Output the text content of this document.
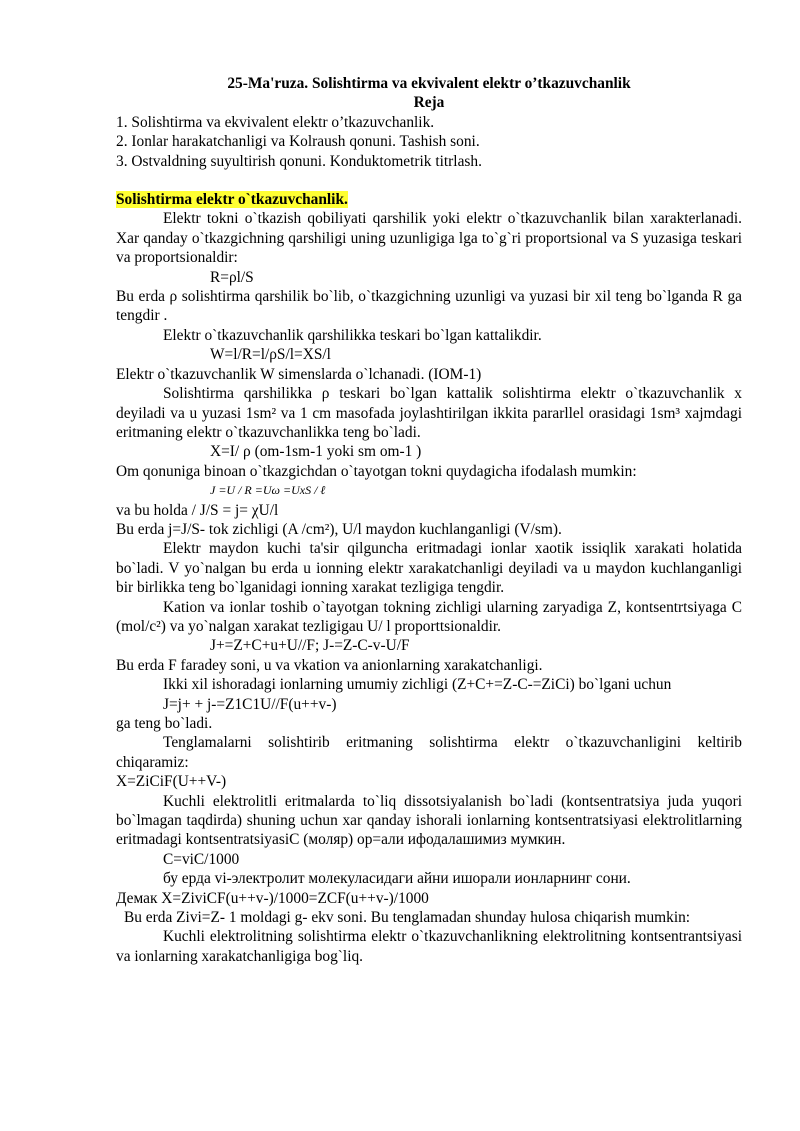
25-Ma'ruza. Solishtirma va ekvivalent elektr o’tkazuvchanlik

Reja

1. Solishtirma va ekvivalent elektr o’tkazuvchanlik.

2. Ionlar harakatchanligi va Kolraush qonuni. Tashish soni.

3. Ostvaldning suyultirish qonuni. Konduktometrik titrlash.

Solishtirma elektr o`tkazuvchanlik.

Elektr tokni o`tkazish qobiliyati qarshilik yoki elektr o`tkazuvchanlik bilan xarakterlanadi. Xar qanday o`tkazgichning qarshiligi uning uzunligiga lga to`g`ri proportsional va S yuzasiga teskari va proportsionaldir:

R=ρl/S

Bu erda ρ solishtirma qarshilik bo`lib, o`tkazgichning uzunligi va yuzasi bir xil teng bo`lganda R ga tengdir .

Elektr o`tkazuvchanlik qarshilikka teskari bo`lgan kattalikdir.

W=l/R=l/ρS/l=XS/l

Elektr o`tkazuvchanlik W simenslarda o`lchanadi. (IOM-1)

Solishtirma qarshilikka ρ teskari bo`lgan kattalik solishtirma elektr o`tkazuvchanlik x deyiladi va u yuzasi 1sm² va 1 cm masofada joylashtirilgan ikkita pararllel orasidagi 1sm³ xajmdagi eritmaning elektr o`tkazuvchanlikka teng bo`ladi.

X=I/ ρ (om-1sm-1 yoki sm om-1 )

Om qonuniga binoan o`tkazgichdan o`tayotgan tokni quydagicha ifodalash mumkin:

J =U / R =Uω =UxS / ℓ

va bu holda / J/S = j= χU/l

Bu erda j=J/S- tok zichligi (A /cm²), U/l maydon kuchlanganligi (V/sm).

Elektr maydon kuchi ta'sir qilguncha eritmadagi ionlar xaotik issiqlik xarakati holatida bo`ladi. V yo`nalgan bu erda u ionning elektr xarakatchanligi deyiladi va u maydon kuchlanganligi bir birlikka teng bo`lganidagi ionning xarakat tezligiga tengdir.

Kation va ionlar toshib o`tayotgan tokning zichligi ularning zaryadiga Z, kontsentrtsiyaga C (mol/c²) va yo`nalgan xarakat tezligigau U/ l proporttsionaldir.

J+=Z+C+u+U//F; J-=Z-C-v-U/F

Bu erda F faradey soni, u va vkation va anionlarning xarakatchanligi.

Ikki xil ishoradagi ionlarning umumiy zichligi (Z+C+=Z-C-=ZiCi) bo`lgani uchun

J=j+ + j-=Z1C1U//F(u++v-)

ga teng bo`ladi.

Tenglamalarni solishtirib eritmaning solishtirma elektr o`tkazuvchanligini keltirib chiqaramiz:

X=ZiCiF(U++V-)

Kuchli elektrolitli eritmalarda to`liq dissotsiyalanish bo`ladi (kontsentratsiya juda yuqori bo`lmagan taqdirda) shuning uchun xar qanday ishorali ionlarning kontsentratsiyasi elektrolitlarning eritmadagi kontsentratsiyasiC (моляр) ор=али ифодалашимиз мумкин.

C=viC/1000

бу ерда vi-электролит молекуласидаги айни ишорали ионларнинг сони.

Демак X=ZiviCF(u++v-)/1000=ZCF(u++v-)/1000

Bu erda Zivi=Z- 1 moldagi g- ekv soni. Bu tenglamadan shunday hulosa chiqarish mumkin:

Kuchli elektrolitning solishtirma elektr o`tkazuvchanlikning elektrolitning kontsentrantsiyasi va ionlarning xarakatchanligiga bog`liq.
